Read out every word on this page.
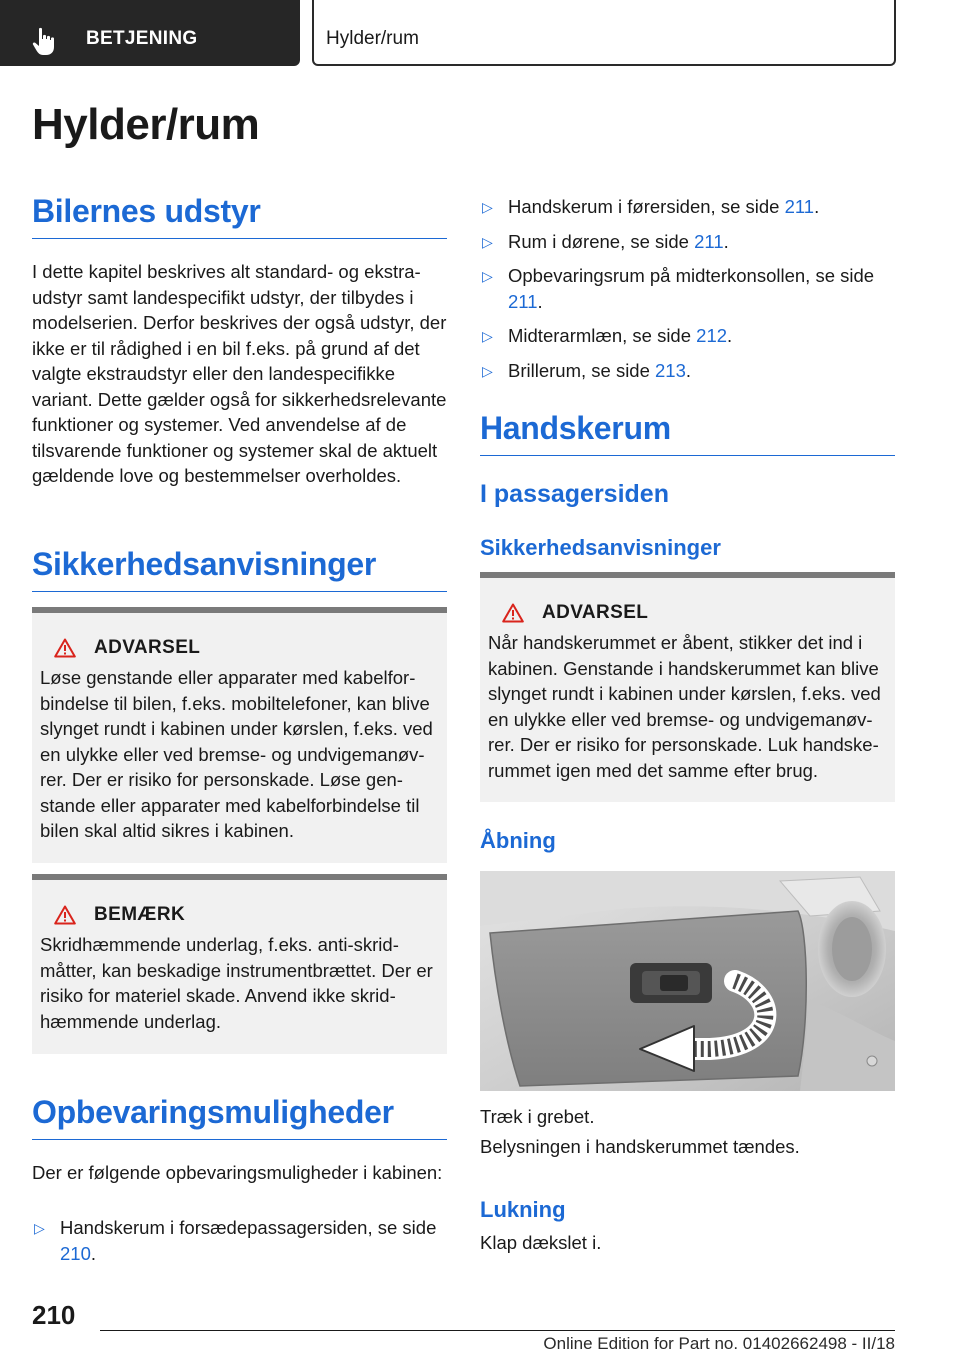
BETJENING	Hylder/rum
Hylder/rum
Bilernes udstyr
I dette kapitel beskrives alt standard- og ekstraudstyr samt landespecifikt udstyr, der tilbydes i modelserien. Derfor beskrives der også udstyr, der ikke er til rådighed i en bil f.eks. på grund af det valgte ekstraudstyr eller den landespecifikke variant. Dette gælder også for sikkerhedsrelevante funktioner og systemer. Ved anvendelse af de tilsvarende funktioner og systemer skal de aktuelt gældende love og bestemmelser overholdes.
Sikkerhedsanvisninger
ADVARSEL
Løse genstande eller apparater med kabelforbindelse til bilen, f.eks. mobiltelefoner, kan blive slynget rundt i kabinen under kørslen, f.eks. ved en ulykke eller ved bremse- og undvigemanøvrer. Der er risiko for personskade. Løse genstande eller apparater med kabelforbindelse til bilen skal altid sikres i kabinen.
BEMÆRK
Skridhæmmende underlag, f.eks. anti-skridmåtter, kan beskadige instrumentbrættet. Der er risiko for materiel skade. Anvend ikke skridhæmmende underlag.
Opbevaringsmuligheder
Der er følgende opbevaringsmuligheder i kabinen:
▷ Handskerum i forsædepassagersiden, se side 210.
▷ Handskerum i førersiden, se side 211.
▷ Rum i dørene, se side 211.
▷ Opbevaringsrum på midterkonsollen, se side 211.
▷ Midterarmlæn, se side 212.
▷ Brillerum, se side 213.
Handskerum
I passagersiden
Sikkerhedsanvisninger
ADVARSEL
Når handskerummet er åbent, stikker det ind i kabinen. Genstande i handskerummet kan blive slynget rundt i kabinen under kørslen, f.eks. ved en ulykke eller ved bremse- og undvigemanøvrer. Der er risiko for personskade. Luk handskerummet igen med det samme efter brug.
Åbning
Træk i grebet.
Belysningen i handskerummet tændes.
Lukning
Klap dækslet i.
210
Online Edition for Part no. 01402662498 - II/18
